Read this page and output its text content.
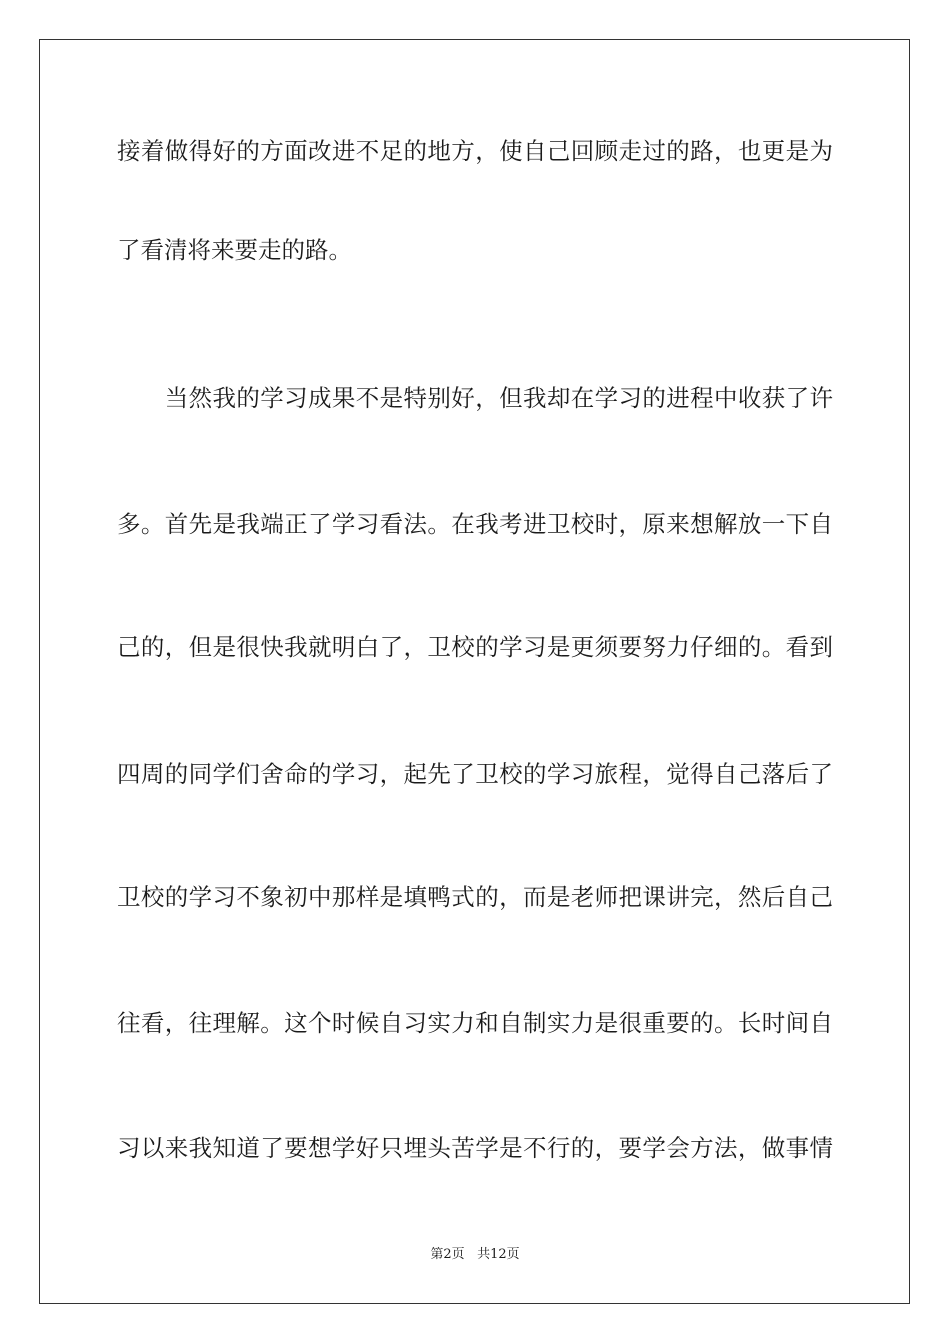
接着做得好的方面改进不足的地方，使自己回顾走过的路，也更是为
了看清将来要走的路。
　　当然我的学习成果不是特别好，但我却在学习的进程中收获了许
多。首先是我端正了学习看法。在我考进卫校时，原来想解放一下自
己的，但是很快我就明白了，卫校的学习是更须要努力仔细的。看到
四周的同学们舍命的学习，起先了卫校的学习旅程，觉得自己落后了
卫校的学习不象初中那样是填鸭式的，而是老师把课讲完，然后自己
往看，往理解。这个时候自习实力和自制实力是很重要的。长时间自
习以来我知道了要想学好只埋头苦学是不行的，要学会方法，做事情
第2页 共12页
